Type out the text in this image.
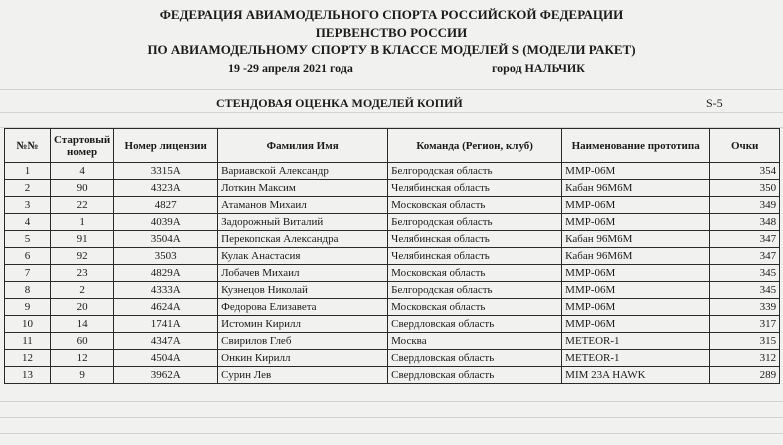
ФЕДЕРАЦИЯ АВИАМОДЕЛЬНОГО СПОРТА РОССИЙСКОЙ ФЕДЕРАЦИИ
ПЕРВЕНСТВО РОССИИ
ПО АВИАМОДЕЛЬНОМУ СПОРТУ В КЛАССЕ МОДЕЛЕЙ S (МОДЕЛИ РАКЕТ)
19 -29 апреля 2021 года	город НАЛЬЧИК
СТЕНДОВАЯ ОЦЕНКА МОДЕЛЕЙ КОПИЙ	S-5
№№	Стартовый номер	Номер лицензии	Фамилия Имя	Команда (Регион, клуб)	Наименование прототипа	Очки
1	4	3315А	Вариавской Александр	Белгородская область	ММР-06М	354
2	90	4323А	Лоткин Максим	Челябинская область	Кабан 96М6М	350
3	22	4827	Атаманов Михаил	Московская область	ММР-06М	349
4	1	4039А	Задорожный Виталий	Белгородская область	ММР-06М	348
5	91	3504А	Перекопская Александра	Челябинская область	Кабан 96М6М	347
6	92	3503	Кулак Анастасия	Челябинская область	Кабан 96М6М	347
7	23	4829А	Лобачев Михаил	Московская область	ММР-06М	345
8	2	4333А	Кузнецов Николай	Белгородская область	ММР-06М	345
9	20	4624А	Федорова Елизавета	Московская область	ММР-06М	339
10	14	1741А	Истомин Кирилл	Свердловская область	ММР-06М	317
11	60	4347А	Свирилов Глеб	Москва	METEOR-1	315
12	12	4504А	Онкин Кирилл	Свердловская область	METEOR-1	312
13	9	3962А	Сурин Лев	Свердловская область	MIM 23A HAWK	289
